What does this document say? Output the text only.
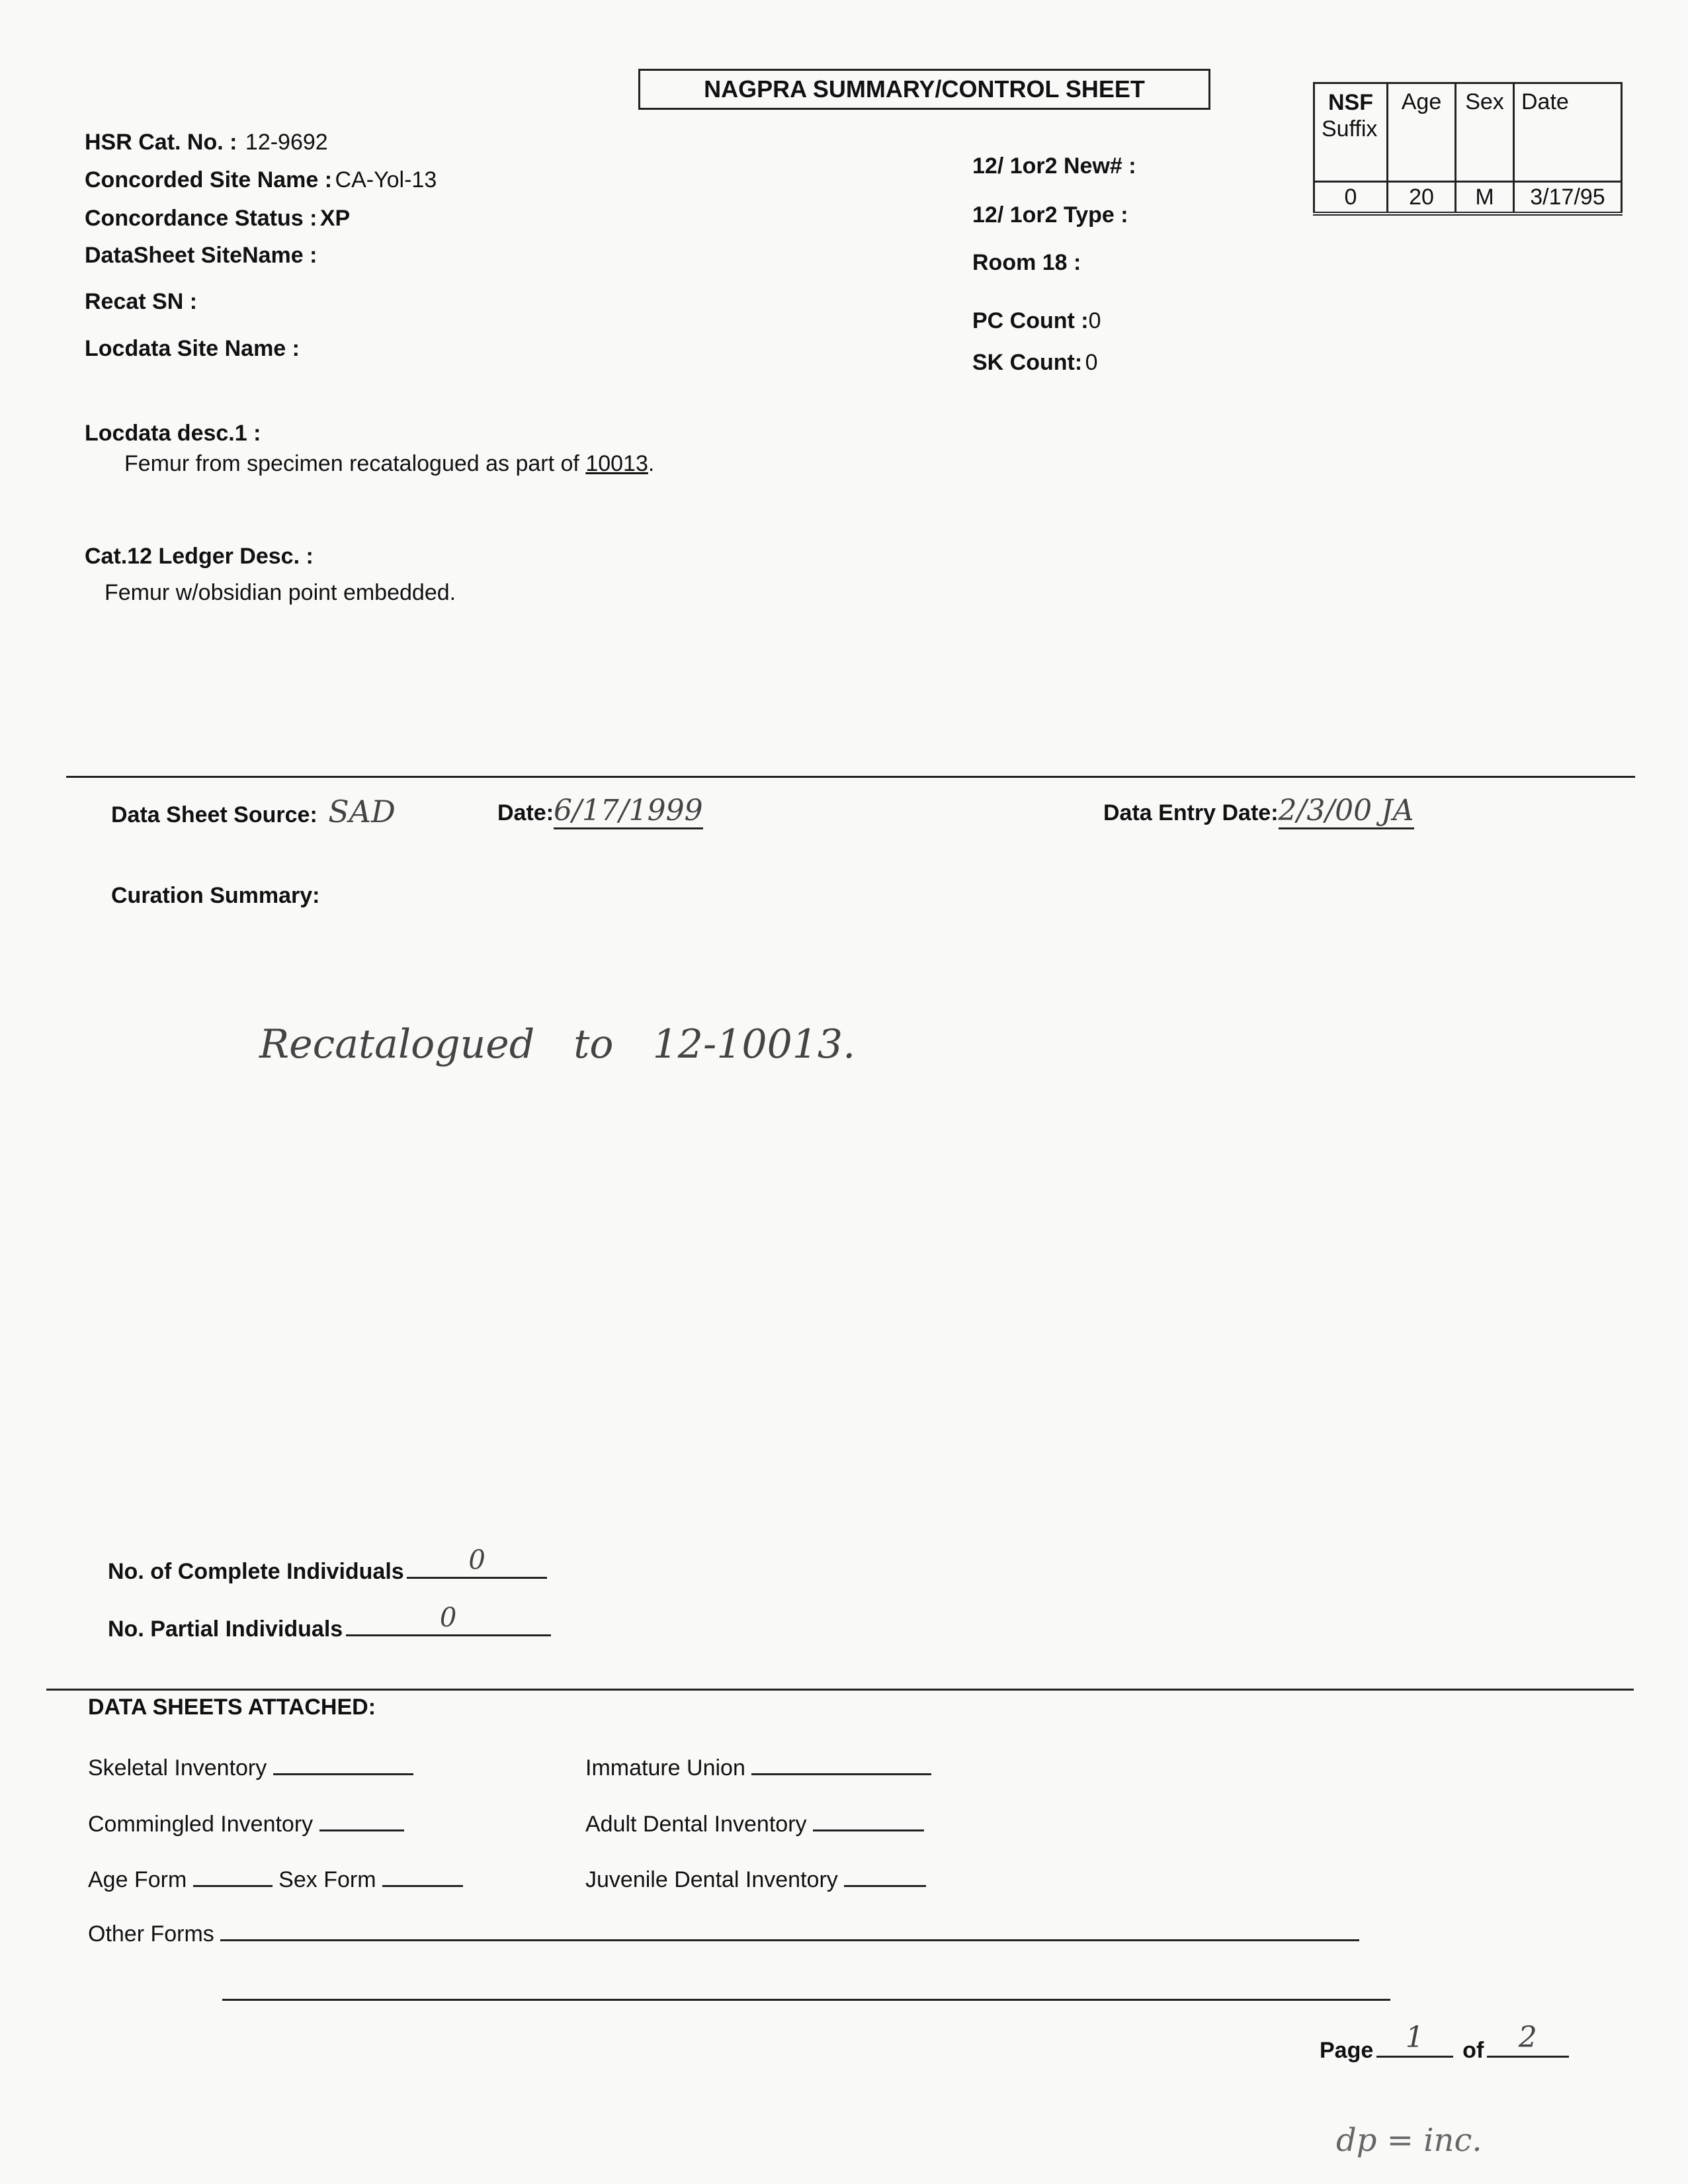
NAGPRA SUMMARY/CONTROL SHEET	NSF
Suffix	Age	Sex	Date
0	20	M	3/17/95
HSR Cat. No. : 12-9692
Concorded Site Name : CA-Yol-13
Concordance Status : XP
DataSheet SiteName :
Recat SN :
Locdata Site Name :
12/ 1or2 New# :
12/ 1or2 Type :
Room 18 :
PC Count :0
SK Count: 0
Locdata desc.1 :
Femur from specimen recatalogued as part of 10013.
Cat.12 Ledger Desc. :
Femur w/obsidian point embedded.
Data Sheet Source: SAD	Date:6/17/1999	Data Entry Date:2/3/00 JA
Curation Summary:
Recatalogued to 12-10013.
No. of Complete Individuals	0
No. Partial Individuals	0
DATA SHEETS ATTACHED:
Skeletal Inventory	Immature Union
Commingled Inventory	Adult Dental Inventory
Age Form	Sex Form	Juvenile Dental Inventory
Other Forms
Page	1	of	2
dp = inc.
